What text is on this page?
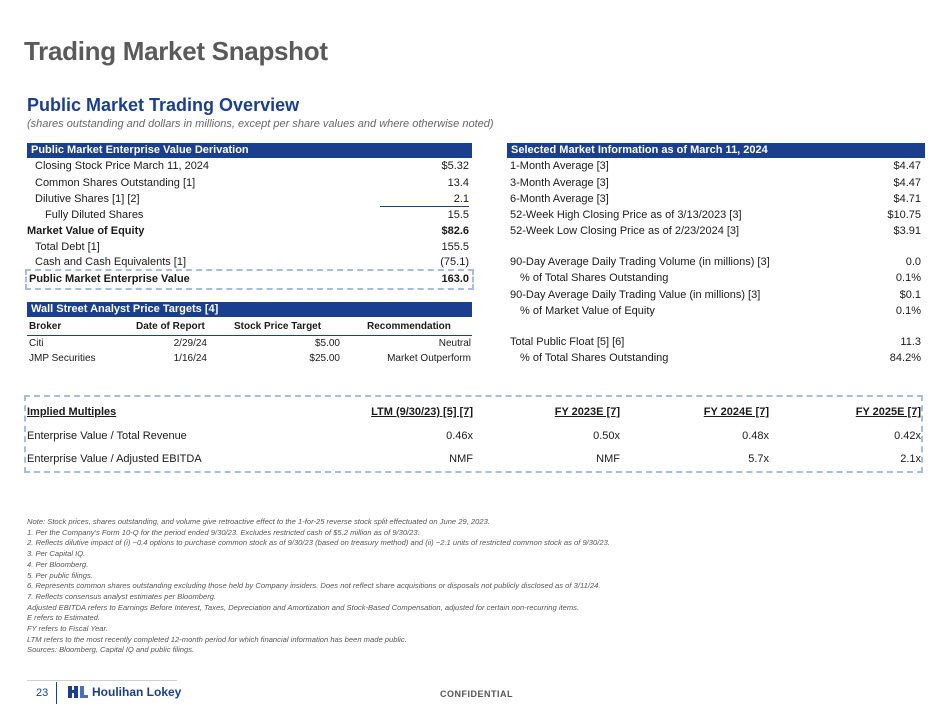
Trading Market Snapshot
Public Market Trading Overview
(shares outstanding and dollars in millions, except per share values and where otherwise noted)
Public Market Enterprise Value Derivation
Closing Stock Price March 11, 2024	$5.32
Common Shares Outstanding [1]	13.4
Dilutive Shares [1] [2]	2.1
Fully Diluted Shares	15.5
Market Value of Equity	$82.6
Total Debt [1]	155.5
Cash and Cash Equivalents [1]	(75.1)
Public Market Enterprise Value	163.0
Wall Street Analyst Price Targets [4]
Broker	Date of Report	Stock Price Target	Recommendation
Citi	2/29/24	$5.00	Neutral
JMP Securities	1/16/24	$25.00	Market Outperform
Selected Market Information as of March 11, 2024
1-Month Average [3]	$4.47
3-Month Average [3]	$4.47
6-Month Average [3]	$4.71
52-Week High Closing Price as of 3/13/2023 [3]	$10.75
52-Week Low Closing Price as of 2/23/2024 [3]	$3.91
90-Day Average Daily Trading Volume (in millions) [3]	0.0
% of Total Shares Outstanding	0.1%
90-Day Average Daily Trading Value (in millions) [3]	$0.1
% of Market Value of Equity	0.1%
Total Public Float [5] [6]	11.3
% of Total Shares Outstanding	84.2%
Implied Multiples	LTM (9/30/23) [5] [7]	FY 2023E [7]	FY 2024E [7]	FY 2025E [7]
Enterprise Value / Total Revenue	0.46x	0.50x	0.48x	0.42x
Enterprise Value / Adjusted EBITDA	NMF	NMF	5.7x	2.1x
Note: Stock prices, shares outstanding, and volume give retroactive effect to the 1-for-25 reverse stock split effectuated on June 29, 2023.
1. Per the Company's Form 10-Q for the period ended 9/30/23. Excludes restricted cash of $5.2 million as of 9/30/23.
2. Reflects dilutive impact of (i) ~0.4 options to purchase common stock as of 9/30/23 (based on treasury method) and (ii) ~2.1 units of restricted common stock as of 9/30/23.
3. Per Capital IQ.
4. Per Bloomberg.
5. Per public filings.
6. Represents common shares outstanding excluding those held by Company insiders. Does not reflect share acquisitions or disposals not publicly disclosed as of 3/11/24.
7. Reflects consensus analyst estimates per Bloomberg.
Adjusted EBITDA refers to Earnings Before Interest, Taxes, Depreciation and Amortization and Stock-Based Compensation, adjusted for certain non-recurring items.
E refers to Estimated.
FY refers to Fiscal Year.
LTM refers to the most recently completed 12-month period for which financial information has been made public.
Sources: Bloomberg, Capital IQ and public filings.
23	Houlihan Lokey	CONFIDENTIAL
